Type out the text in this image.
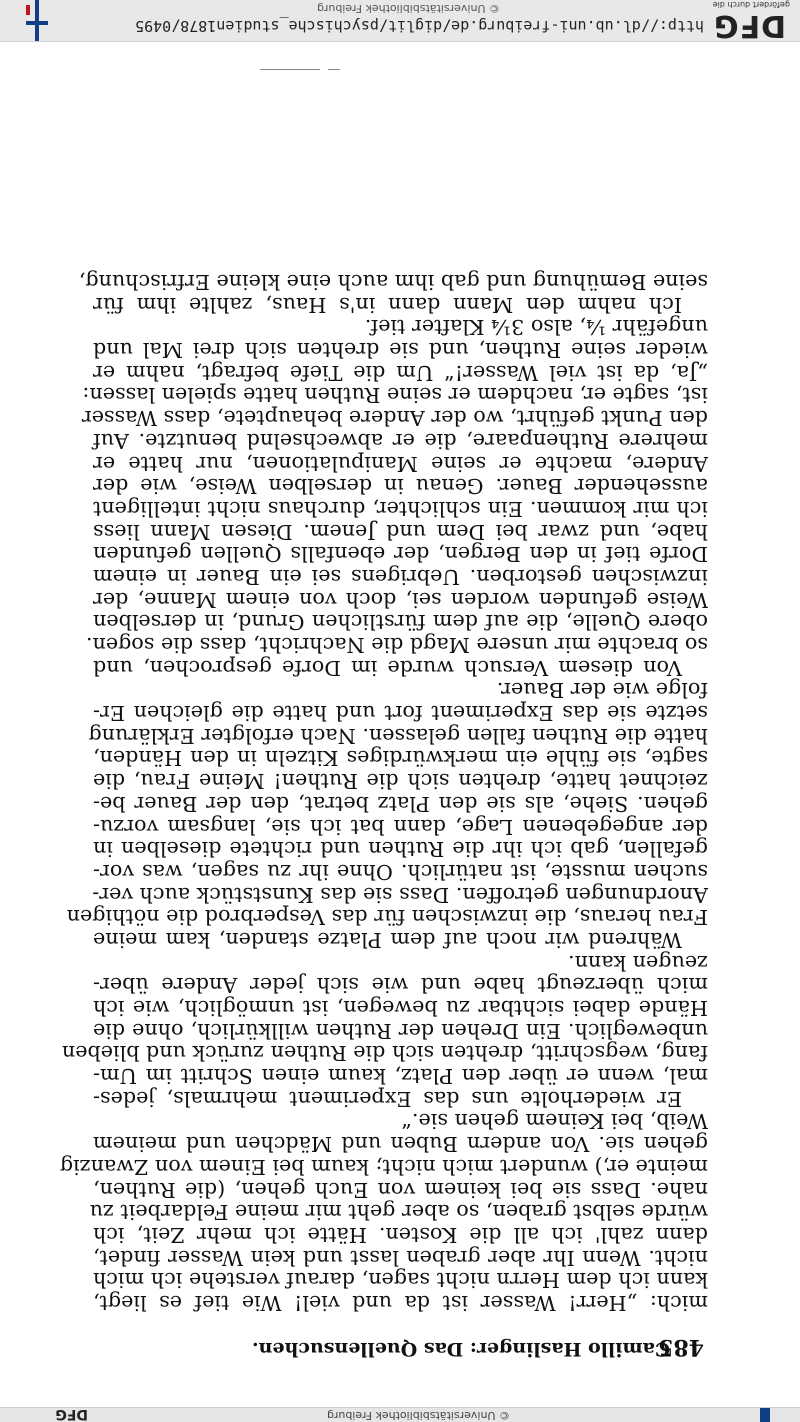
© Universitätsbibliothek Freiburg
DFG
485
Camillo Haslinger: Das Quellensuchen.
mich: „Herr! Wasser ist da und viel! Wie tief es liegt,
kann ich dem Herrn nicht sagen, darauf verstehe ich mich
nicht. Wenn Ihr aber graben lasst und kein Wasser findet,
dann zahl' ich all die Kosten. Hätte ich mehr Zeit, ich
würde selbst graben, so aber geht mir meine Feldarbeit zu
nahe. Dass sie bei keinem von Euch gehen, (die Ruthen,
meinte er,) wundert mich nicht; kaum bei Einem von Zwanzig
gehen sie. Von andern Buben und Mädchen und meinem
Weib, bei Keinem gehen sie.“
Er wiederholte uns das Experiment mehrmals, jedes-
mal, wenn er über den Platz, kaum einen Schritt im Um-
fang, wegschritt, drehten sich die Ruthen zurück und blieben
unbeweglich. Ein Drehen der Ruthen willkürlich, ohne die
Hände dabei sichtbar zu bewegen, ist unmöglich, wie ich
mich überzeugt habe und wie sich jeder Andere über-
zeugen kann.
Während wir noch auf dem Platze standen, kam meine
Frau heraus, die inzwischen für das Vesperbrod die nöthigen
Anordnungen getroffen. Dass sie das Kunststück auch ver-
suchen musste, ist natürlich. Ohne ihr zu sagen, was vor-
gefallen, gab ich ihr die Ruthen und richtete dieselben in
der angegebenen Lage, dann bat ich sie, langsam vorzu-
gehen. Siehe, als sie den Platz betrat, den der Bauer be-
zeichnet hatte, drehten sich die Ruthen! Meine Frau, die
sagte, sie fühle ein merkwürdiges Kitzeln in den Händen,
hatte die Ruthen fallen gelassen. Nach erfolgter Erklärung
setzte sie das Experiment fort und hatte die gleichen Er-
folge wie der Bauer.
Von diesem Versuch wurde im Dorfe gesprochen, und
so brachte mir unsere Magd die Nachricht, dass die sogen.
obere Quelle, die auf dem fürstlichen Grund, in derselben
Weise gefunden worden sei, doch von einem Manne, der
inzwischen gestorben. Uebrigens sei ein Bauer in einem
Dorfe tief in den Bergen, der ebenfalls Quellen gefunden
habe, und zwar bei Dem und Jenem. Diesen Mann liess
ich mir kommen. Ein schlichter, durchaus nicht intelligent
aussehender Bauer. Genau in derselben Weise, wie der
Andere, machte er seine Manipulationen, nur hatte er
mehrere Ruthenpaare, die er abwechselnd benutzte. Auf
den Punkt geführt, wo der Andere behauptete, dass Wasser
ist, sagte er, nachdem er seine Ruthen hatte spielen lassen:
„Ja, da ist viel Wasser!“ Um die Tiefe befragt, nahm er
wieder seine Ruthen, und sie drehten sich drei Mal und
ungefähr ¼, also 3¼ Klafter tief.
Ich nahm den Mann dann in's Haus, zahlte ihm für
seine Bemühung und gab ihm auch eine kleine Erfrischung,
DFG
gefördert durch die
http://dl.ub.uni-freiburg.de/diglit/psychische_studien1878/0495
© Universitätsbibliothek Freiburg
